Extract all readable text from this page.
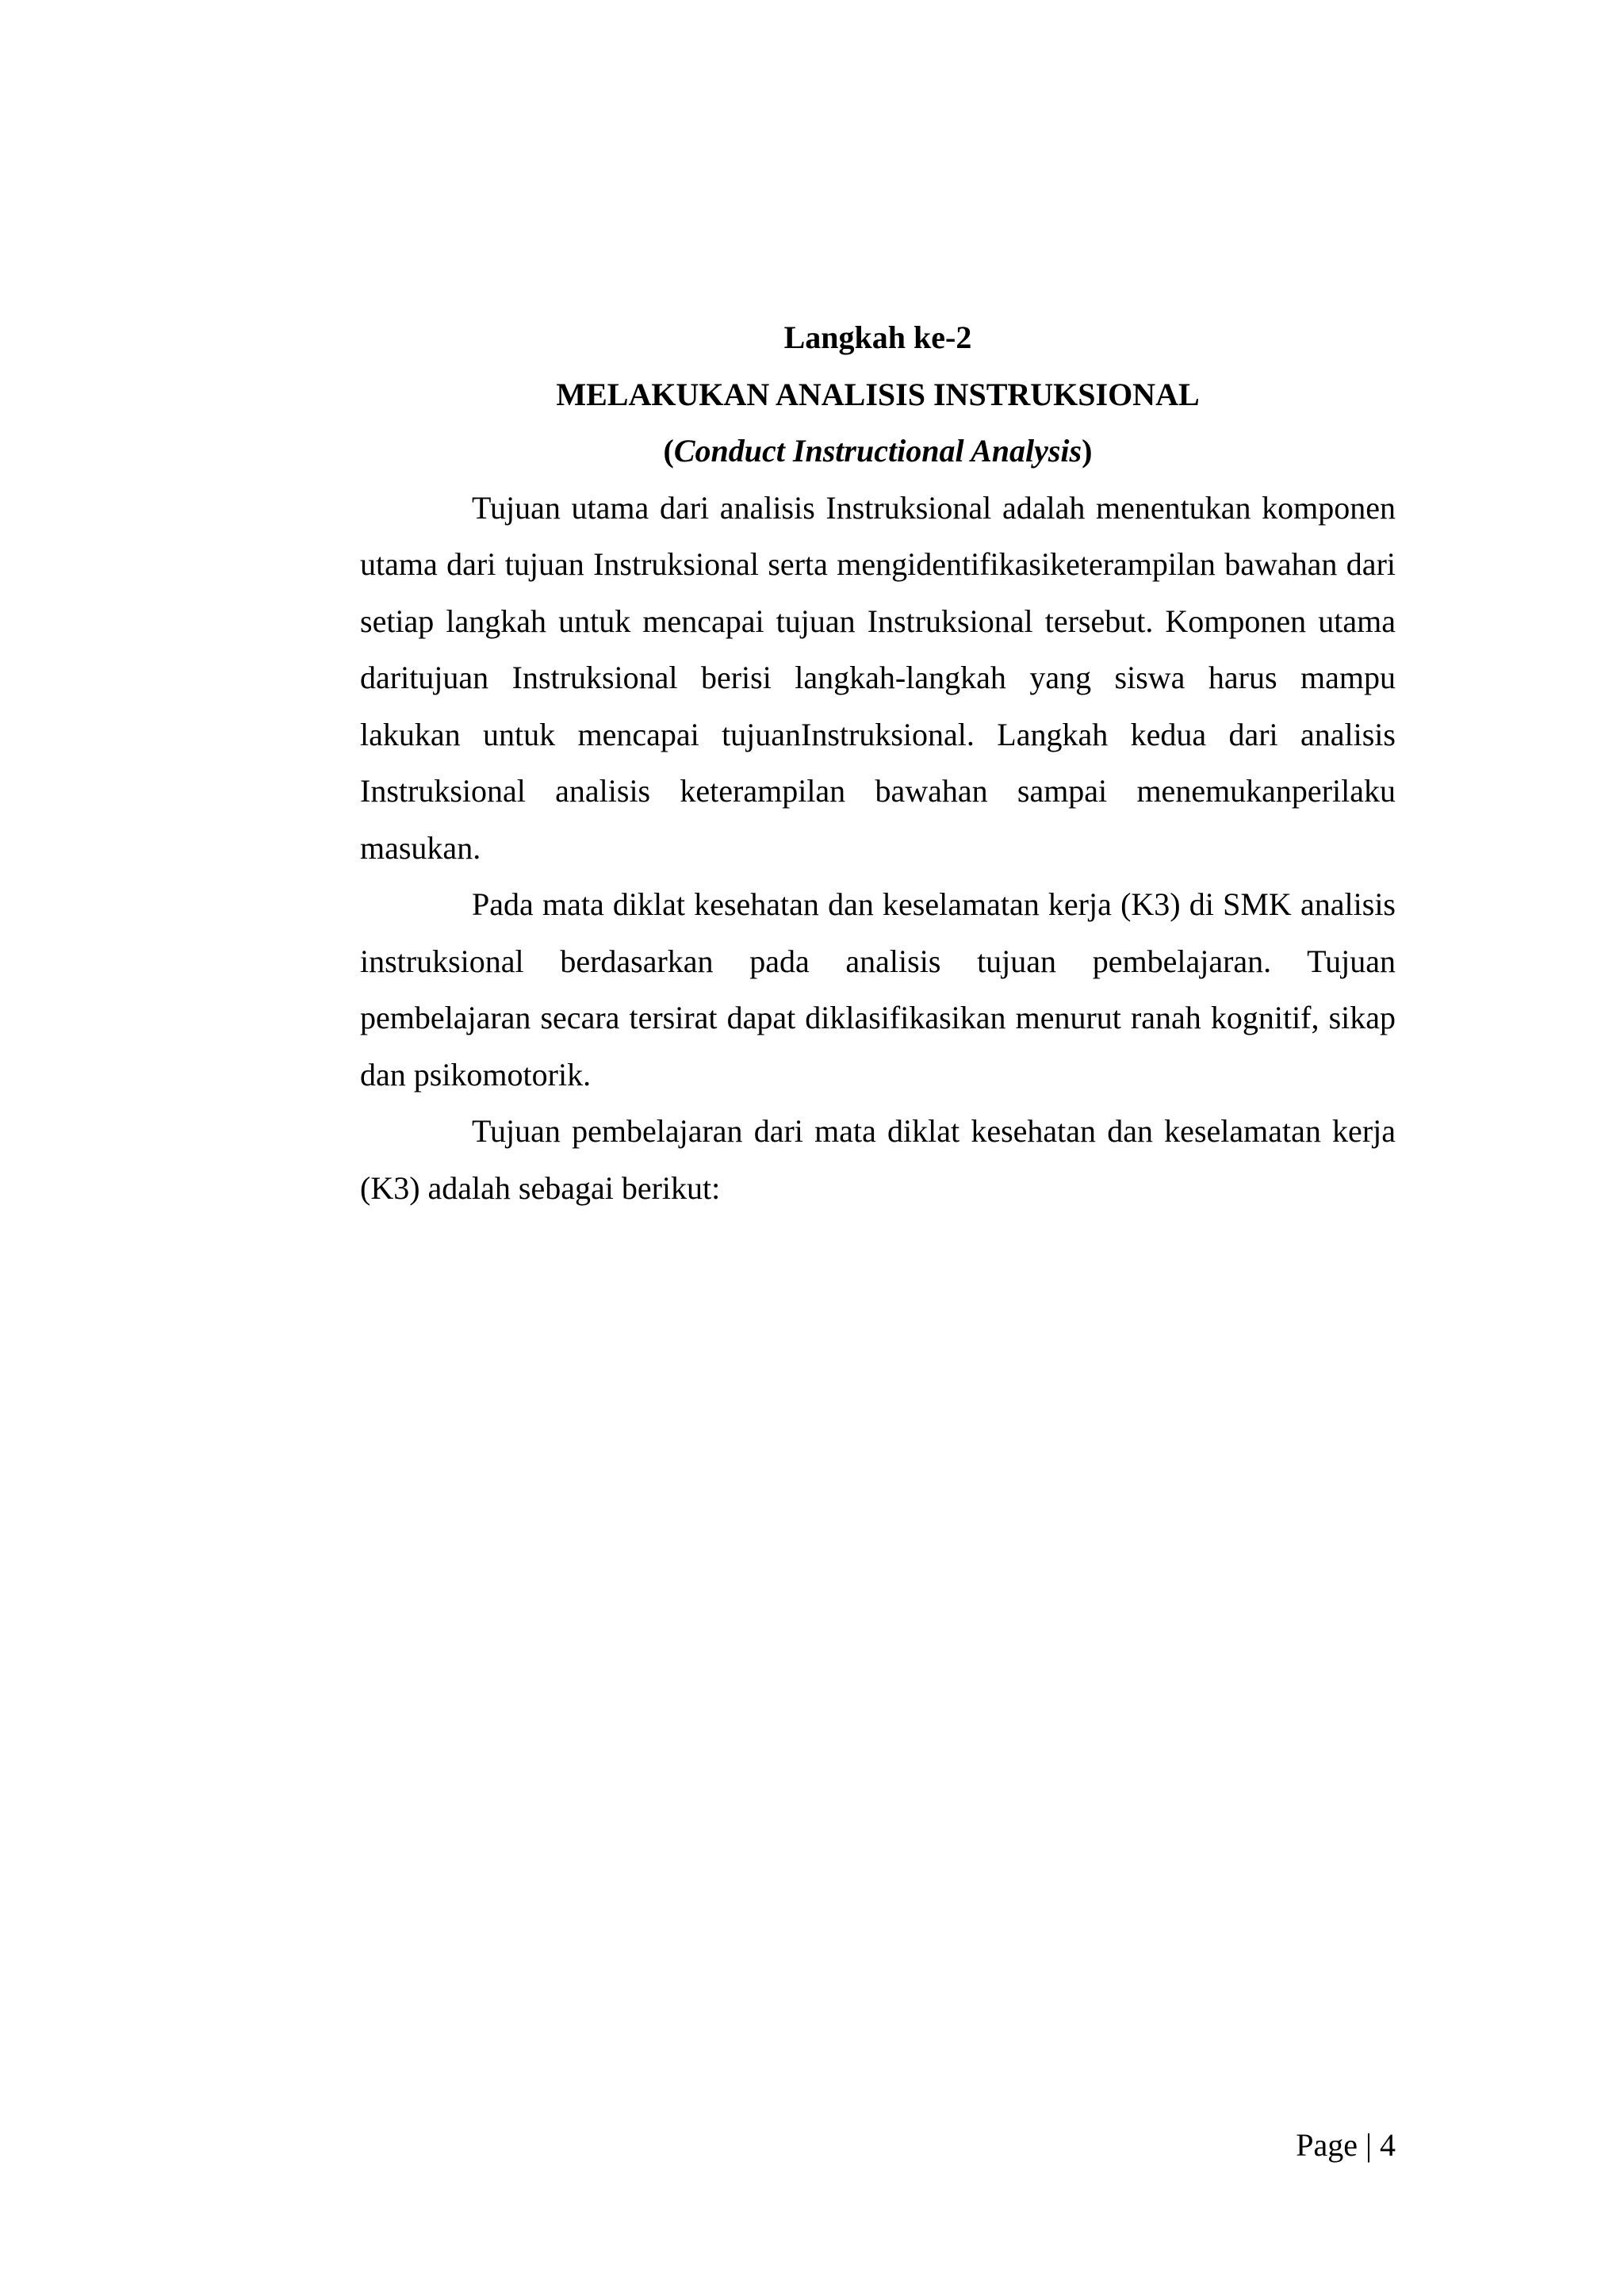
Langkah ke-2

MELAKUKAN ANALISIS INSTRUKSIONAL

(Conduct Instructional Analysis)

Tujuan utama dari analisis Instruksional adalah menentukan komponen utama dari tujuan Instruksional serta mengidentifikasiketerampilan bawahan dari setiap langkah untuk mencapai tujuan Instruksional tersebut. Komponen utama daritujuan Instruksional berisi langkah-langkah yang siswa harus mampu lakukan untuk mencapai tujuanInstruksional. Langkah kedua dari analisis Instruksional analisis keterampilan bawahan sampai menemukanperilaku masukan.

Pada mata diklat kesehatan dan keselamatan kerja (K3) di SMK analisis instruksional berdasarkan pada analisis tujuan pembelajaran. Tujuan pembelajaran secara tersirat dapat diklasifikasikan menurut ranah kognitif, sikap dan psikomotorik.

Tujuan pembelajaran dari mata diklat kesehatan dan keselamatan kerja (K3) adalah sebagai berikut:

Page | 4
